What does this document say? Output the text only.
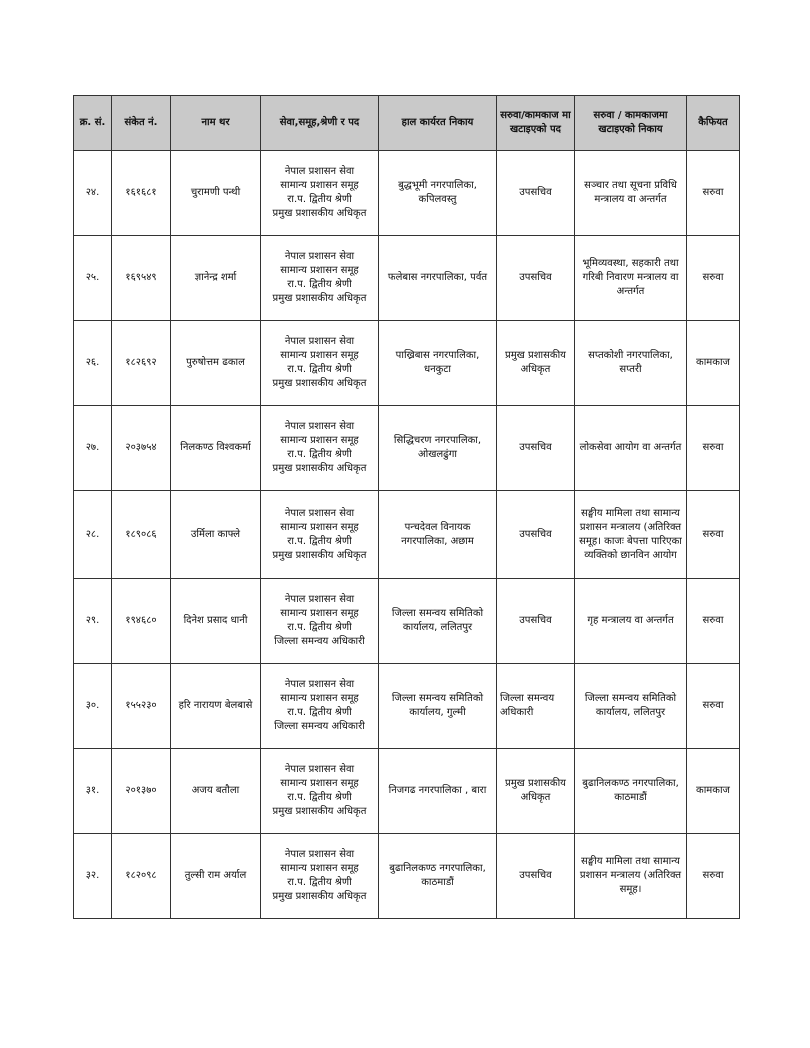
क्र. सं.	संकेत नं.	नाम थर	सेवा,समूह,श्रेणी र पद	हाल कार्यरत निकाय	सरुवा/कामकाज मा खटाइएको पद	सरुवा / कामकाजमा खटाइएको निकाय	कैफियत
२४.	१६१६८१	चुरामणी पन्थी	नेपाल प्रशासन सेवा
सामान्य प्रशासन समूह
रा.प. द्वितीय श्रेणी
प्रमुख प्रशासकीय अधिकृत	बुद्धभूमी नगरपालिका, कपिलवस्तु	उपसचिव	सञ्चार तथा सूचना प्रविधि मन्त्रालय वा अन्तर्गत	सरुवा
२५.	१६९५४९	ज्ञानेन्द्र शर्मा	नेपाल प्रशासन सेवा
सामान्य प्रशासन समूह
रा.प. द्वितीय श्रेणी
प्रमुख प्रशासकीय अधिकृत	फलेबास नगरपालिका, पर्वत	उपसचिव	भूमिव्यवस्था, सहकारी तथा गरिबी निवारण मन्त्रालय वा अन्तर्गत	सरुवा
२६.	१८२६९२	पुरुषोत्तम ढकाल	नेपाल प्रशासन सेवा
सामान्य प्रशासन समूह
रा.प. द्वितीय श्रेणी
प्रमुख प्रशासकीय अधिकृत	पाख्रिबास नगरपालिका, धनकुटा	प्रमुख प्रशासकीय अधिकृत	सप्तकोशी नगरपालिका, सप्तरी	कामकाज
२७.	२०३७५४	निलकण्ठ विश्वकर्मा	नेपाल प्रशासन सेवा
सामान्य प्रशासन समूह
रा.प. द्वितीय श्रेणी
प्रमुख प्रशासकीय अधिकृत	सिद्धिचरण नगरपालिका, ओखलढुंगा	उपसचिव	लोकसेवा आयोग वा अन्तर्गत	सरुवा
२८.	१८९०८६	उर्मिला काफ्ले	नेपाल प्रशासन सेवा
सामान्य प्रशासन समूह
रा.प. द्वितीय श्रेणी
प्रमुख प्रशासकीय अधिकृत	पन्चदेवल विनायक नगरपालिका, अछाम	उपसचिव	सङ्घीय मामिला तथा सामान्य प्रशासन मन्त्रालय (अतिरिक्त समूह। काजः बेपत्ता पारिएका व्यक्तिको छानविन आयोग	सरुवा
२९.	१९४६८०	दिनेश प्रसाद धानी	नेपाल प्रशासन सेवा
सामान्य प्रशासन समूह
रा.प. द्वितीय श्रेणी
जिल्ला समन्वय अधिकारी	जिल्ला समन्वय समितिको कार्यालय, ललितपुर	उपसचिव	गृह मन्त्रालय वा अन्तर्गत	सरुवा
३०.	१५५२३०	हरि नारायण बेलबासे	नेपाल प्रशासन सेवा
सामान्य प्रशासन समूह
रा.प. द्वितीय श्रेणी
जिल्ला समन्वय अधिकारी	जिल्ला समन्वय समितिको कार्यालय, गुल्मी	जिल्ला समन्वय अधिकारी	जिल्ला समन्वय समितिको कार्यालय, ललितपुर	सरुवा
३१.	२०१३७०	अजय बतौला	नेपाल प्रशासन सेवा
सामान्य प्रशासन समूह
रा.प. द्वितीय श्रेणी
प्रमुख प्रशासकीय अधिकृत	निजगढ नगरपालिका , बारा	प्रमुख प्रशासकीय अधिकृत	बुढानिलकण्ठ नगरपालिका, काठमाडौं	कामकाज
३२.	१८२०९८	तुल्सी राम अर्याल	नेपाल प्रशासन सेवा
सामान्य प्रशासन समूह
रा.प. द्वितीय श्रेणी
प्रमुख प्रशासकीय अधिकृत	बुढानिलकण्ठ नगरपालिका, काठमाडौं	उपसचिव	सङ्घीय मामिला तथा सामान्य प्रशासन मन्त्रालय (अतिरिक्त समूह।	सरुवा
